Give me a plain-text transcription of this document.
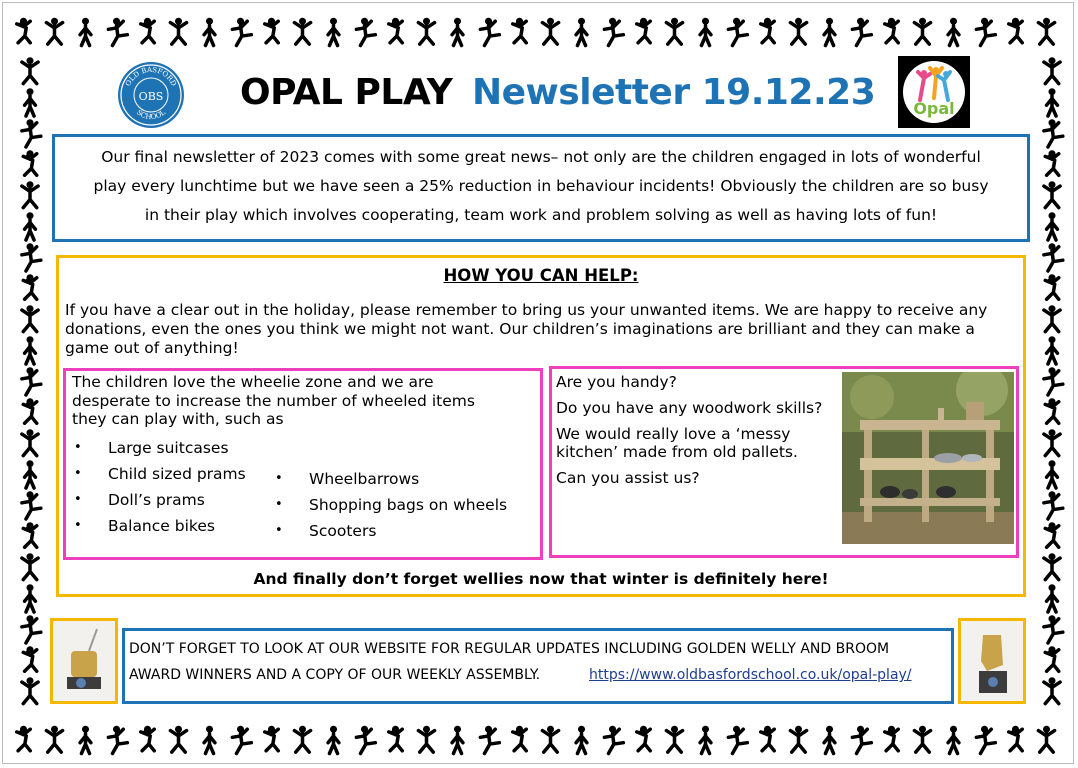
OLD BASFORD
SCHOOL
OBS OPAL PLAY Newsletter 19.12.23 Opal
Our final newsletter of 2023 comes with some great news– not only are the children engaged in lots of wonderful
play every lunchtime but we have seen a 25% reduction in behaviour incidents! Obviously the children are so busy
in their play which involves cooperating, team work and problem solving as well as having lots of fun!
HOW YOU CAN HELP:
If you have a clear out in the holiday, please remember to bring us your unwanted items. We are happy to receive any donations, even the ones you think we might not want. Our children’s imaginations are brilliant and they can make a game out of anything!
The children love the wheelie zone and we are desperate to increase the number of wheeled items they can play with, such as
• Large suitcases
• Child sized prams
• Doll’s prams
• Balance bikes
• Wheelbarrows
• Shopping bags on wheels
• Scooters
Are you handy?
Do you have any woodwork skills?
We would really love a ‘messy
kitchen’ made from old pallets.
Can you assist us?
And finally don’t forget wellies now that winter is definitely here!
DON’T FORGET TO LOOK AT OUR WEBSITE FOR REGULAR UPDATES INCLUDING GOLDEN WELLY AND BROOM
AWARD WINNERS AND A COPY OF OUR WEEKLY ASSEMBLY.	https://www.oldbasfordschool.co.uk/opal-play/
